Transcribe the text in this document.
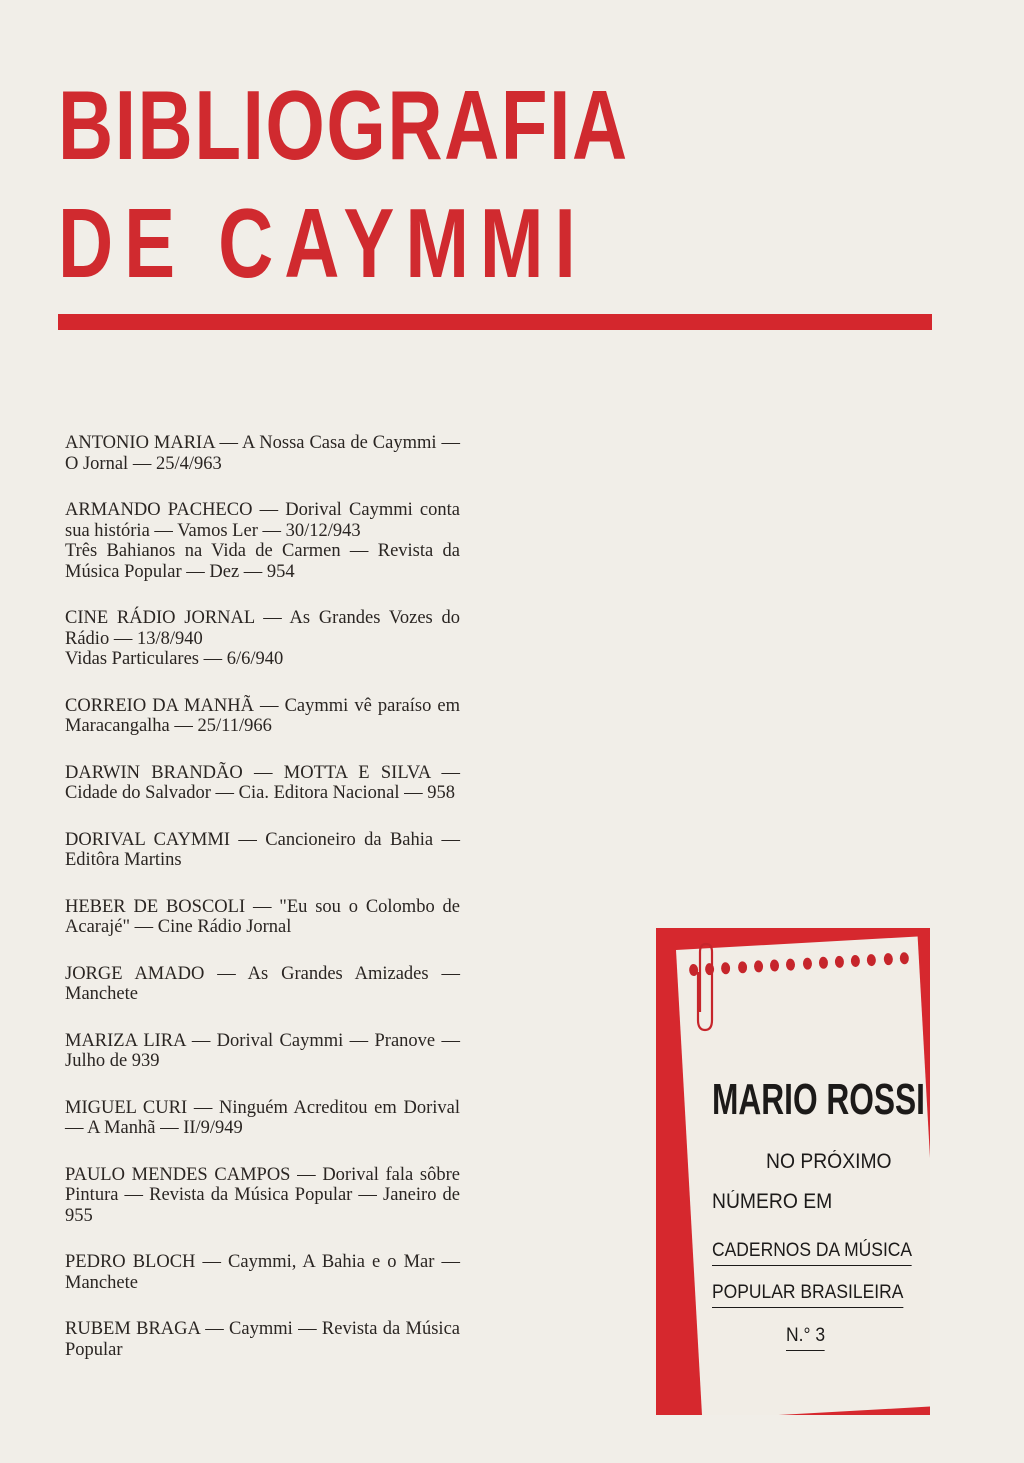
BIBLIOGRAFIA
DE CAYMMI

ANTONIO MARIA — A Nossa Casa de Caymmi — O Jornal — 25/4/963

ARMANDO PACHECO — Dorival Caymmi conta sua história — Vamos Ler — 30/12/943

Três Bahianos na Vida de Carmen — Revista da Música Popular — Dez — 954

CINE RÁDIO JORNAL — As Grandes Vozes do Rádio — 13/8/940

Vidas Particulares — 6/6/940

CORREIO DA MANHÃ — Caymmi vê paraíso em Maracangalha — 25/11/966

DARWIN BRANDÃO — MOTTA E SILVA — Cidade do Salvador — Cia. Editora Nacional — 958

DORIVAL CAYMMI — Cancioneiro da Bahia — Editôra Martins

HEBER DE BOSCOLI — "Eu sou o Colombo de Acarajé" — Cine Rádio Jornal

JORGE AMADO — As Grandes Amizades — Manchete

MARIZA LIRA — Dorival Caymmi — Pranove — Julho de 939

MIGUEL CURI — Ninguém Acreditou em Dorival — A Manhã — II/9/949

PAULO MENDES CAMPOS — Dorival fala sôbre Pintura — Revista da Música Popular — Janeiro de 955

PEDRO BLOCH — Caymmi, A Bahia e o Mar — Manchete

RUBEM BRAGA — Caymmi — Revista da Música Popular

MARIO ROSSI
NO PRÓXIMO
NÚMERO EM
CADERNOS DA MÚSICA
POPULAR BRASILEIRA
N.° 3
